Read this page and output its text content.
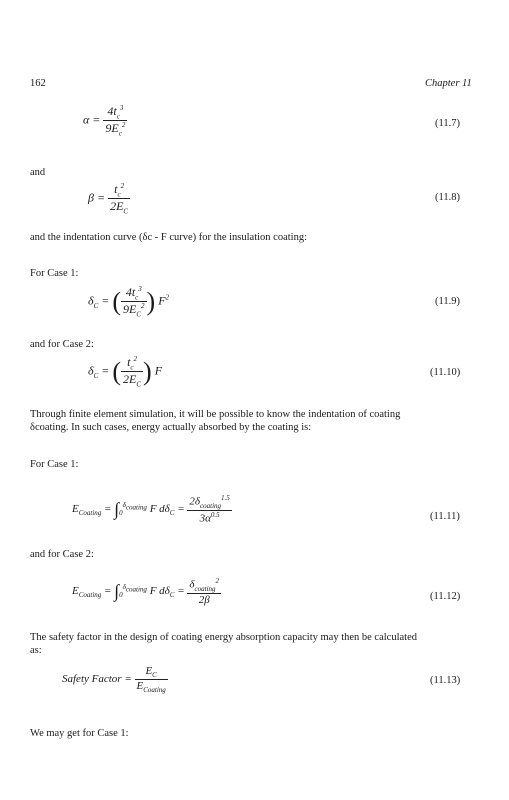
162	Chapter 11
$\alpha = \frac{4t_c^3}{9E_c^2}$	(11.7)
and
$\beta = \frac{t_c^2}{2E_C}$	(11.8)
and the indentation curve (δc - F curve) for the insulation coating:
For Case 1:
$\delta_C$ = ( $\frac{4t_c^3}{9E_C^2}$ ) $F^2$	(11.9)
and for Case 2:
$\delta_C$ = ( $\frac{t_c^2}{2E_C}$ ) F	(11.10)
Through finite element simulation, it will be possible to know the indentation of coating
δcoating. In such cases, energy actually absorbed by the coating is:
For Case 1:
$E_{Coating} = \int_0^{\delta_{coating}}$ F $d\delta_C = \frac{2\delta_{coating}^{1.5}}{3\alpha^{0.5}}$	(11.11)
and for Case 2:
$E_{Coating} = \int_0^{\delta_{coating}}$ F $d\delta_C = \frac{\delta_{coating}^2}{2\beta}$	(11.12)
The safety factor in the design of coating energy absorption capacity may then be calculated
as:
Safety Factor = $\frac{E_C}{E_{Coating}}$	(11.13)
We may get for Case 1:
